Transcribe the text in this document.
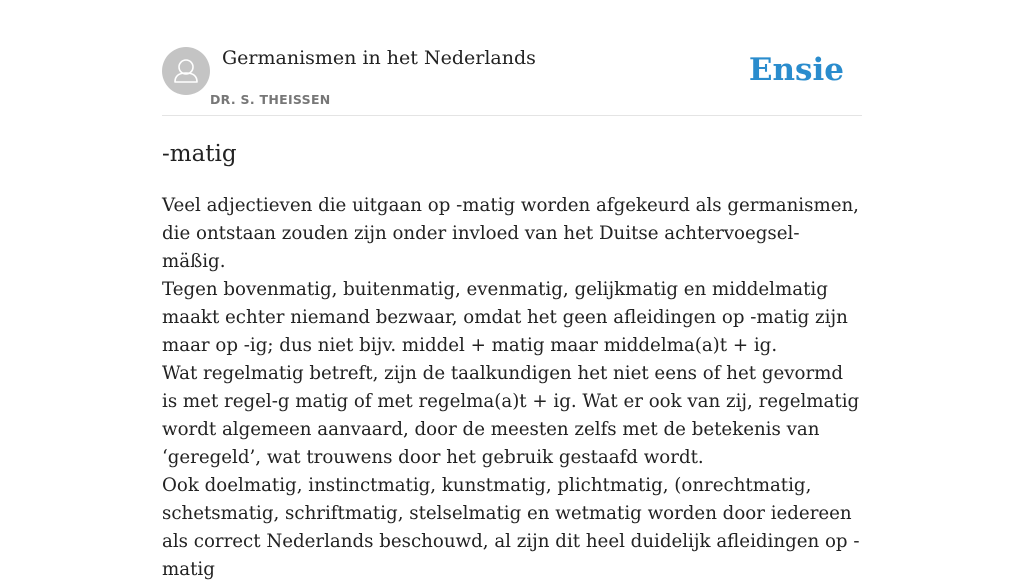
Germanismen in het Nederlands
DR. S. THEISSEN
Ensie
-matig

Veel adjectieven die uitgaan op -matig worden afgekeurd als germanismen, die ontstaan zouden zijn onder invloed van het Duitse achtervoegsel-mäßig.

Tegen bovenmatig, buitenmatig, evenmatig, gelijkmatig en middelmatig maakt echter niemand bezwaar, omdat het geen afleidingen op -matig zijn maar op -ig; dus niet bijv. middel + matig maar middelma(a)t + ig.

Wat regelmatig betreft, zijn de taalkundigen het niet eens of het gevormd is met regel-g matig of met regelma(a)t + ig. Wat er ook van zij, regelmatig wordt algemeen aanvaard, door de meesten zelfs met de betekenis van ‘geregeld’, wat trouwens door het gebruik gestaafd wordt.

Ook doelmatig, instinctmatig, kunstmatig, plichtmatig, (onrechtmatig, schetsmatig, schriftmatig, stelselmatig en wetmatig worden door iedereen als correct Nederlands beschouwd, al zijn dit heel duidelijk afleidingen op -matig
